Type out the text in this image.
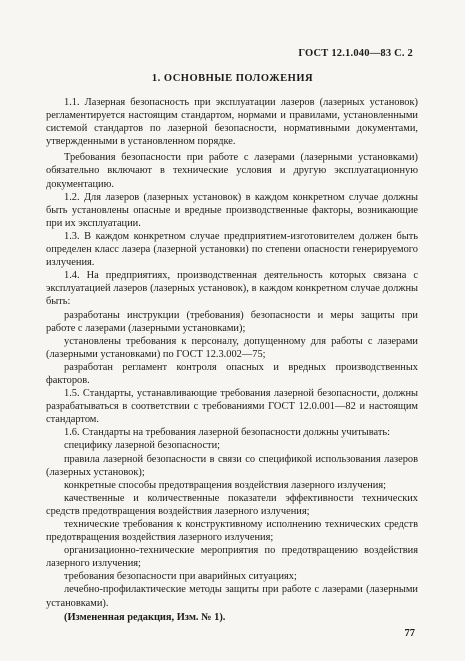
ГОСТ 12.1.040—83 С. 2
1. ОСНОВНЫЕ ПОЛОЖЕНИЯ

1.1. Лазерная безопасность при эксплуатации лазеров (лазерных установок) регламентируется настоящим стандартом, нормами и правилами, установленными системой стандартов по лазерной безопасности, нормативными документами, утвержденными в установленном порядке.

Требования безопасности при работе с лазерами (лазерными установками) обязательно включают в технические условия и другую эксплуатационную документацию.

1.2. Для лазеров (лазерных установок) в каждом конкретном случае должны быть установлены опасные и вредные производственные факторы, возникающие при их эксплуатации.

1.3. В каждом конкретном случае предприятием-изготовителем должен быть определен класс лазера (лазерной установки) по степени опасности генерируемого излучения.

1.4. На предприятиях, производственная деятельность которых связана с эксплуатацией лазеров (лазерных установок), в каждом конкретном случае должны быть:

разработаны инструкции (требования) безопасности и меры защиты при работе с лазерами (лазерными установками);

установлены требования к персоналу, допущенному для работы с лазерами (лазерными установками) по ГОСТ 12.3.002—75;

разработан регламент контроля опасных и вредных производственных факторов.

1.5. Стандарты, устанавливающие требования лазерной безопасности, должны разрабатываться в соответствии с требованиями ГОСТ 12.0.001—82 и настоящим стандартом.

1.6. Стандарты на требования лазерной безопасности должны учитывать:

специфику лазерной безопасности;

правила лазерной безопасности в связи со спецификой использования лазеров (лазерных установок);

конкретные способы предотвращения воздействия лазерного излучения;

качественные и количественные показатели эффективности технических средств предотвращения воздействия лазерного излучения;

технические требования к конструктивному исполнению технических средств предотвращения воздействия лазерного излучения;

организационно-технические мероприятия по предотвращению воздействия лазерного излучения;

требования безопасности при аварийных ситуациях;

лечебно-профилактические методы защиты при работе с лазерами (лазерными установками).

(Измененная редакция, Изм. № 1).

77
